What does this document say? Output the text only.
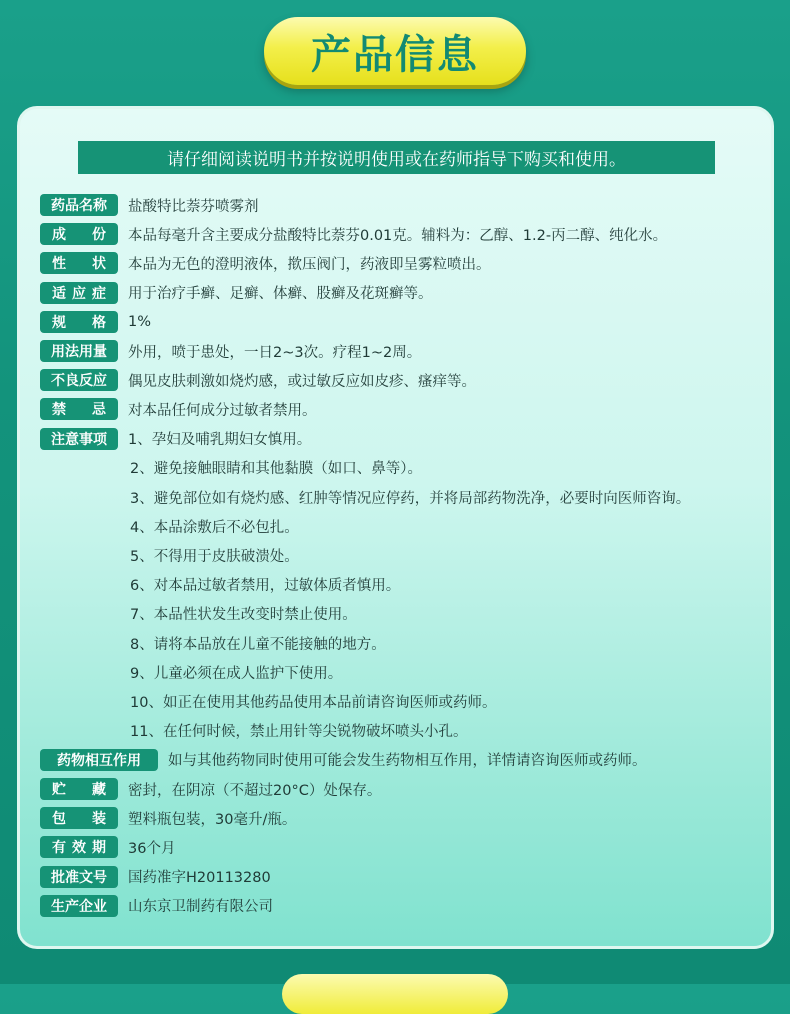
产品信息
请仔细阅读说明书并按说明使用或在药师指导下购买和使用。
药品名称 盐酸特比萘芬喷雾剂
成 份 本品每毫升含主要成分盐酸特比萘芬0.01克。辅料为：乙醇、1.2-丙二醇、纯化水。
性 状 本品为无色的澄明液体，揿压阀门，药液即呈雾粒喷出。
适 应 症 用于治疗手癣、足癣、体癣、股癣及花斑癣等。
规 格 1%
用法用量 外用，喷于患处，一日2~3次。疗程1~2周。
不良反应 偶见皮肤刺激如烧灼感，或过敏反应如皮疹、瘙痒等。
禁 忌 对本品任何成分过敏者禁用。
注意事项 1、孕妇及哺乳期妇女慎用。
2、避免接触眼睛和其他黏膜（如口、鼻等）。
3、避免部位如有烧灼感、红肿等情况应停药，并将局部药物洗净，必要时向医师咨询。
4、本品涂敷后不必包扎。
5、不得用于皮肤破溃处。
6、对本品过敏者禁用，过敏体质者慎用。
7、本品性状发生改变时禁止使用。
8、请将本品放在儿童不能接触的地方。
9、儿童必须在成人监护下使用。
10、如正在使用其他药品使用本品前请咨询医师或药师。
11、在任何时候，禁止用针等尖锐物破坏喷头小孔。
药物相互作用 如与其他药物同时使用可能会发生药物相互作用，详情请咨询医师或药师。
贮 藏 密封，在阴凉（不超过20°C）处保存。
包 装 塑料瓶包装，30毫升/瓶。
有 效 期 36个月
批准文号 国药准字H20113280
生产企业 山东京卫制药有限公司
